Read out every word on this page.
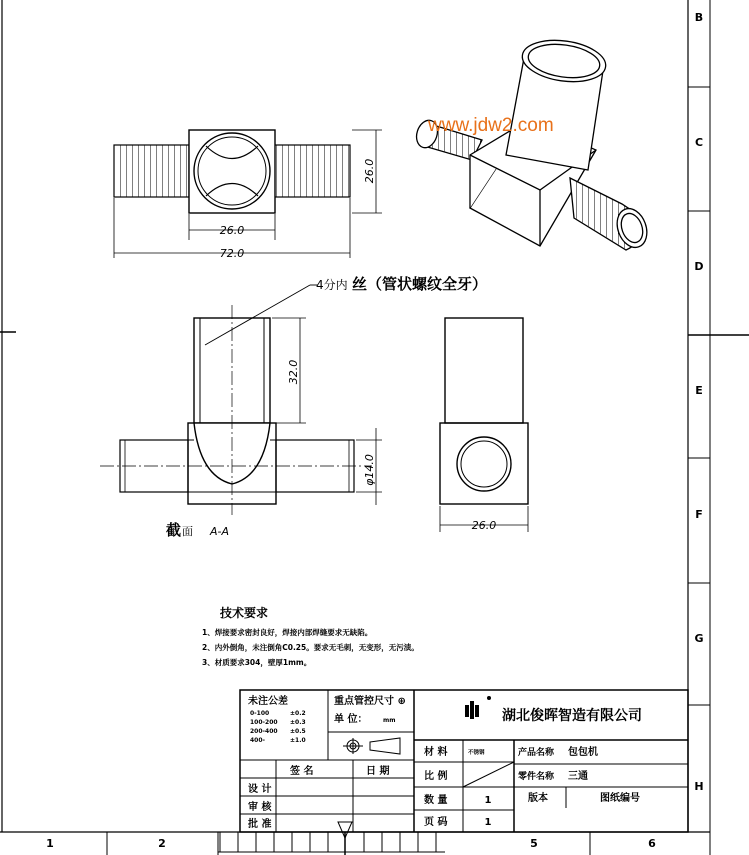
B
C
D
E
F
G
H
1	2	5	6
26.0
72.0
26.0
www.jdw2.com
4分内 丝（管状螺纹全牙）
32.0
φ14.0
截 面 A-A	26.0
技术要求
1、焊接要求密封良好，焊接内部焊缝要求无缺陷。
2、内外倒角，未注倒角C0.25。要求无毛刺，无变形，无污渍。
3、材质要求304，壁厚1mm。
湖北俊晖智造有限公司
未注公差
0-100	±0.2
100-200 ±0.3
200-400 ±0.5
400-	±1.0
重点管控尺寸 ⊕
单 位：	mm
签 名	日 期
设 计
审 核
批 准
材 料	不锈钢
比 例
数 量	1
页 码	1
产品名称 包包机
零件名称 三通
版本	图纸编号
